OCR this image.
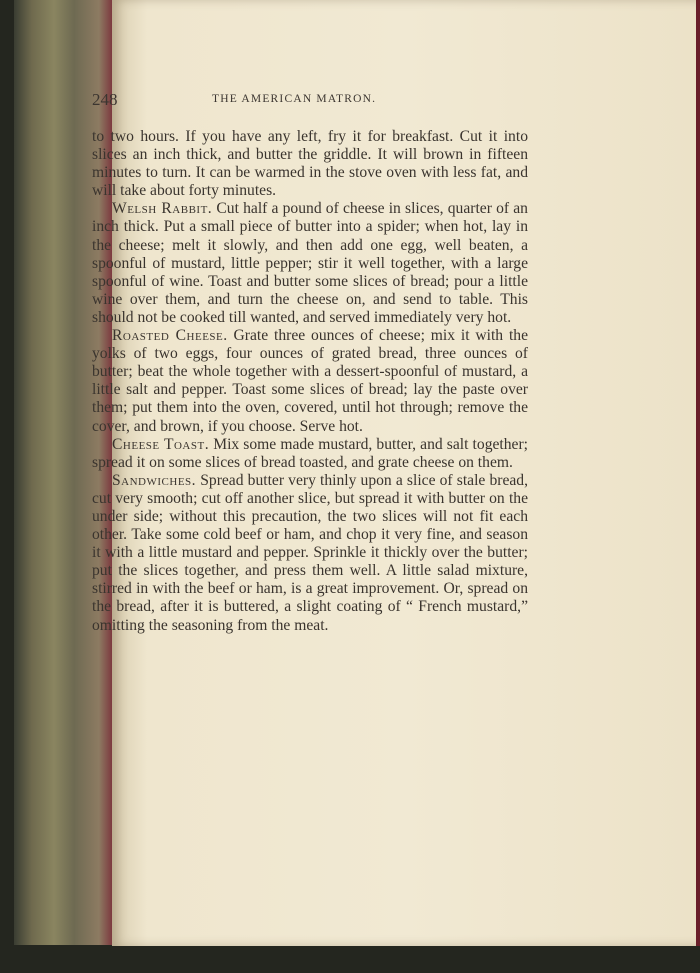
248	THE AMERICAN MATRON.

to two hours. If you have any left, fry it for breakfast. Cut it into slices an inch thick, and butter the griddle. It will brown in fifteen minutes to turn. It can be warmed in the stove oven with less fat, and will take about forty minutes.

Welsh Rabbit. Cut half a pound of cheese in slices, quarter of an inch thick. Put a small piece of butter into a spider; when hot, lay in the cheese; melt it slowly, and then add one egg, well beaten, a spoonful of mustard, little pepper; stir it well together, with a large spoonful of wine. Toast and butter some slices of bread; pour a little wine over them, and turn the cheese on, and send to table. This should not be cooked till wanted, and served immediately very hot.

Roasted Cheese. Grate three ounces of cheese; mix it with the yolks of two eggs, four ounces of grated bread, three ounces of butter; beat the whole together with a dessert-spoonful of mustard, a little salt and pepper. Toast some slices of bread; lay the paste over them; put them into the oven, covered, until hot through; remove the cover, and brown, if you choose. Serve hot.

Cheese Toast. Mix some made mustard, butter, and salt together; spread it on some slices of bread toasted, and grate cheese on them.

Sandwiches. Spread butter very thinly upon a slice of stale bread, cut very smooth; cut off another slice, but spread it with butter on the under side; without this precaution, the two slices will not fit each other. Take some cold beef or ham, and chop it very fine, and season it with a little mustard and pepper. Sprinkle it thickly over the butter; put the slices together, and press them well. A little salad mixture, stirred in with the beef or ham, is a great improvement. Or, spread on the bread, after it is buttered, a slight coating of “ French mustard,” omitting the seasoning from the meat.
